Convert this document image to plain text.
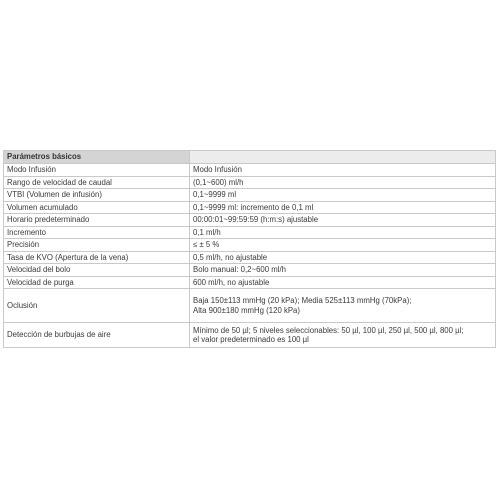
Parámetros básicos	
Modo Infusión	Modo Infusión
Rango de velocidad de caudal	(0,1~600) ml/h
VTBI (Volumen de infusión)	0,1~9999 ml
Volumen acumulado	0,1~9999 ml: incremento de 0,1 ml
Horario predeterminado	00:00:01~99:59:59 (h:m:s) ajustable
Incremento	0,1 ml/h
Precisión	≤ ± 5 %
Tasa de KVO (Apertura de la vena)	0,5 ml/h, no ajustable
Velocidad del bolo	Bolo manual: 0,2~600 ml/h
Velocidad de purga	600 ml/h, no ajustable
Oclusión	Baja 150±113 mmHg (20 kPa); Media 525±113 mmHg (70kPa);
Alta 900±180 mmHg (120 kPa)

Detección de burbujas de aire	Mínimo de 50 µl; 5 niveles seleccionables: 50 µl, 100 µl, 250 µl, 500 µl, 800 µl;
el valor predeterminado es 100 µl
